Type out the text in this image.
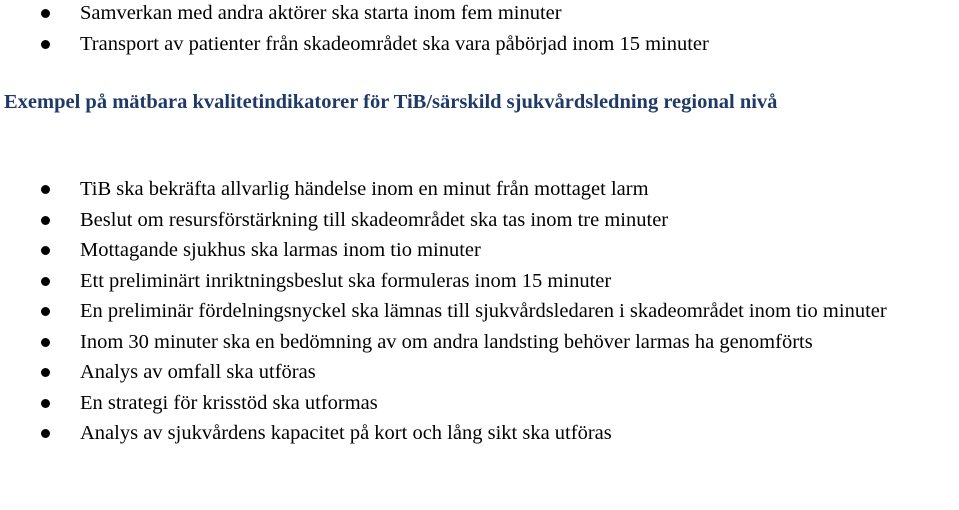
Samverkan med andra aktörer ska starta inom fem minuter
Transport av patienter från skadeområdet ska vara påbörjad inom 15 minuter
Exempel på mätbara kvalitetindikatorer för TiB/särskild sjukvårdsledning regional nivå
TiB ska bekräfta allvarlig händelse inom en minut från mottaget larm
Beslut om resursförstärkning till skadeområdet ska tas inom tre minuter
Mottagande sjukhus ska larmas inom tio minuter
Ett preliminärt inriktningsbeslut ska formuleras inom 15 minuter
En preliminär fördelningsnyckel ska lämnas till sjukvårdsledaren i skadeområdet inom tio minuter
Inom 30 minuter ska en bedömning av om andra landsting behöver larmas ha genomförts
Analys av omfall ska utföras
En strategi för krisstöd ska utformas
Analys av sjukvårdens kapacitet på kort och lång sikt ska utföras
